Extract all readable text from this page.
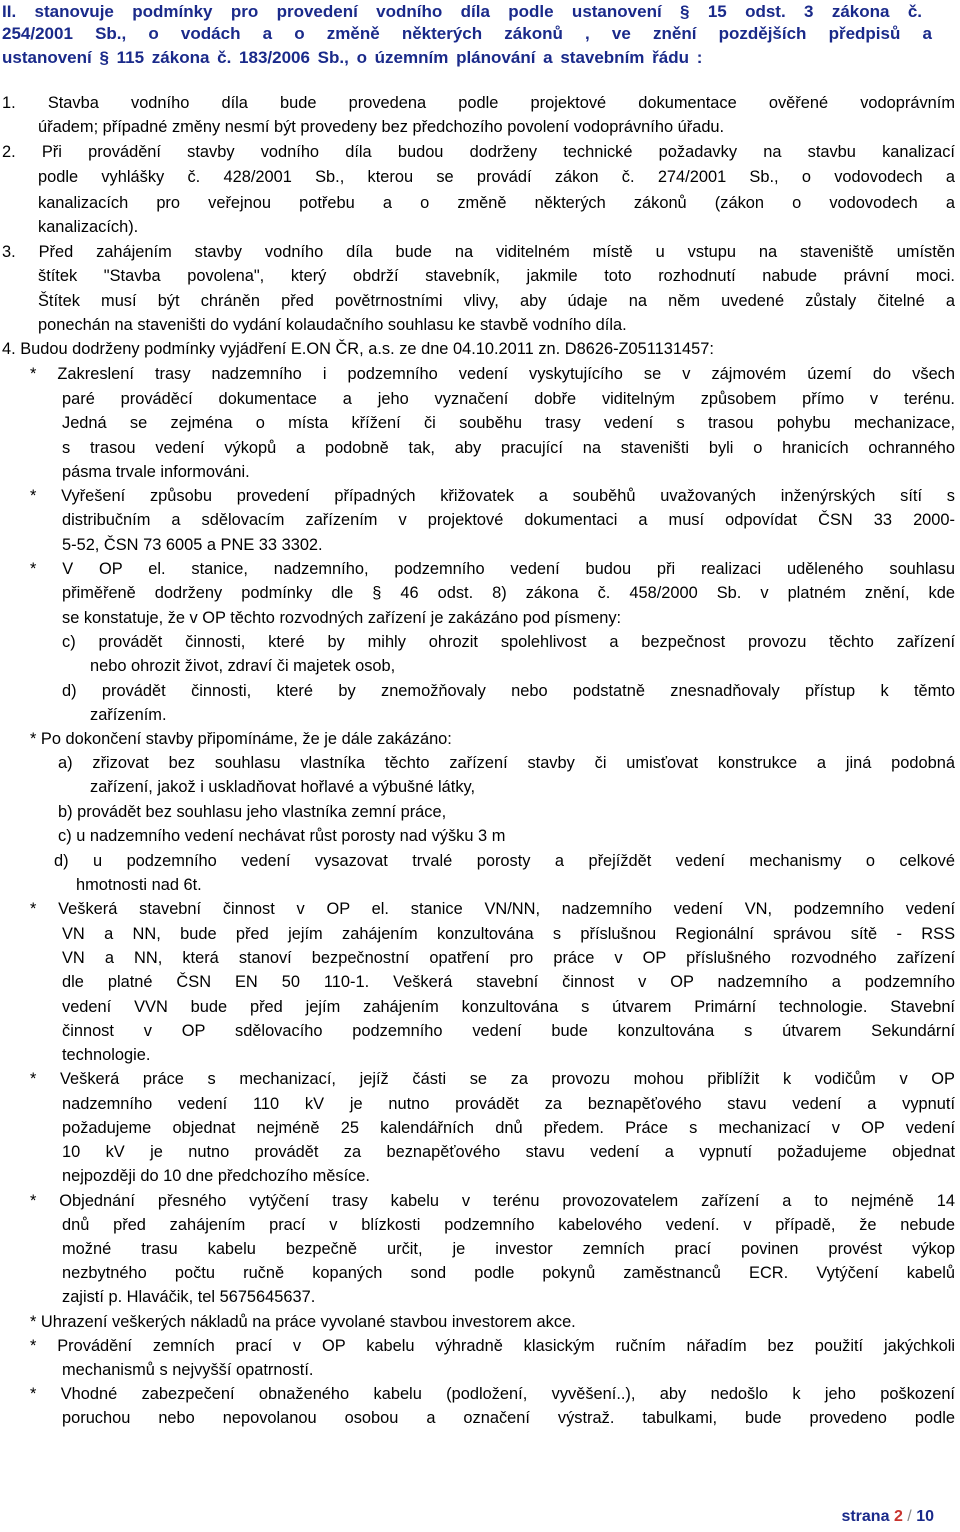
II. stanovuje podmínky pro provedení vodního díla podle ustanovení § 15 odst. 3 zákona č.
254/2001 Sb., o vodách a o změně některých zákonů , ve znění pozdějších předpisů a
ustanovení § 115 zákona č. 183/2006 Sb., o územním plánování a stavebním řádu :
1. Stavba vodního díla bude provedena podle projektové dokumentace ověřené vodoprávním
úřadem; případné změny nesmí být provedeny bez předchozího povolení vodoprávního úřadu.
2. Při provádění stavby vodního díla budou dodrženy technické požadavky na stavbu kanalizací
podle vyhlášky č. 428/2001 Sb., kterou se provádí zákon č. 274/2001 Sb., o vodovodech a
kanalizacích pro veřejnou potřebu a o změně některých zákonů (zákon o vodovodech a
kanalizacích).
3. Před zahájením stavby vodního díla bude na viditelném místě u vstupu na staveniště umístěn
štítek "Stavba povolena", který obdrží stavebník, jakmile toto rozhodnutí nabude právní moci.
Štítek musí být chráněn před povětrnostními vlivy, aby údaje na něm uvedené zůstaly čitelné a
ponechán na staveništi do vydání kolaudačního souhlasu ke stavbě vodního díla.
4. Budou dodrženy podmínky vyjádření E.ON ČR, a.s. ze dne 04.10.2011 zn. D8626-Z051131457:
* Zakreslení trasy nadzemního i podzemního vedení vyskytujícího se v zájmovém území do všech
paré prováděcí dokumentace a jeho vyznačení dobře viditelným způsobem přímo v terénu.
Jedná se zejména o místa křížení či souběhu trasy vedení s trasou pohybu mechanizace,
s trasou vedení výkopů a podobně tak, aby pracující na staveništi byli o hranicích ochranného
pásma trvale informováni.
* Vyřešení způsobu provedení případných křižovatek a souběhů uvažovaných inženýrských sítí s
distribučním a sdělovacím zařízením v projektové dokumentaci a musí odpovídat ČSN 33 2000-
5-52, ČSN 73 6005 a PNE 33 3302.
* V OP el. stanice, nadzemního, podzemního vedení budou při realizaci uděleného souhlasu
přiměřeně dodrženy podmínky dle § 46 odst. 8) zákona č. 458/2000 Sb. v platném znění, kde
se konstatuje, že v OP těchto rozvodných zařízení je zakázáno pod písmeny:
c) provádět činnosti, které by mihly ohrozit spolehlivost a bezpečnost provozu těchto zařízení
nebo ohrozit život, zdraví či majetek osob,
d) provádět činnosti, které by znemožňovaly nebo podstatně znesnadňovaly přístup k těmto
zařízením.
* Po dokončení stavby připomínáme, že je dále zakázáno:
a) zřizovat bez souhlasu vlastníka těchto zařízení stavby či umisťovat konstrukce a jiná podobná
zařízení, jakož i uskladňovat hořlavé a výbušné látky,
b) provádět bez souhlasu jeho vlastníka zemní práce,
c) u nadzemního vedení nechávat růst porosty nad výšku 3 m
d) u podzemního vedení vysazovat trvalé porosty a přejíždět vedení mechanismy o celkové
hmotnosti nad 6t.
* Veškerá stavební činnost v OP el. stanice VN/NN, nadzemního vedení VN, podzemního vedení
VN a NN, bude před jejím zahájením konzultována s příslušnou Regionální správou sítě - RSS
VN a NN, která stanoví bezpečnostní opatření pro práce v OP příslušného rozvodného zařízení
dle platné ČSN EN 50 110-1. Veškerá stavební činnost v OP nadzemního a podzemního
vedení VVN bude před jejím zahájením konzultována s útvarem Primární technologie. Stavební
činnost v OP sdělovacího podzemního vedení bude konzultována s útvarem Sekundární
technologie.
* Veškerá práce s mechanizací, jejíž části se za provozu mohou přiblížit k vodičům v OP
nadzemního vedení 110 kV je nutno provádět za beznapěťového stavu vedení a vypnutí
požadujeme objednat nejméně 25 kalendářních dnů předem. Práce s mechanizací v OP vedení
10 kV je nutno provádět za beznapěťového stavu vedení a vypnutí požadujeme objednat
nejpozději do 10 dne předchozího měsíce.
* Objednání přesného vytýčení trasy kabelu v terénu provozovatelem zařízení a to nejméně 14
dnů před zahájením prací v blízkosti podzemního kabelového vedení. v případě, že nebude
možné trasu kabelu bezpečně určit, je investor zemních prací povinen provést výkop
nezbytného počtu ručně kopaných sond podle pokynů zaměstnanců ECR. Vytýčení kabelů
zajistí p. Hlaváčik, tel 5675645637.
* Uhrazení veškerých nákladů na práce vyvolané stavbou investorem akce.
* Provádění zemních prací v OP kabelu výhradně klasickým ručním nářadím bez použití jakýchkoli
mechanismů s nejvyšší opatrností.
* Vhodné zabezpečení obnaženého kabelu (podložení, vyvěšení..), aby nedošlo k jeho poškození
poruchou nebo nepovolanou osobou a označení výstraž. tabulkami, bude provedeno podle
strana 2 / 10
